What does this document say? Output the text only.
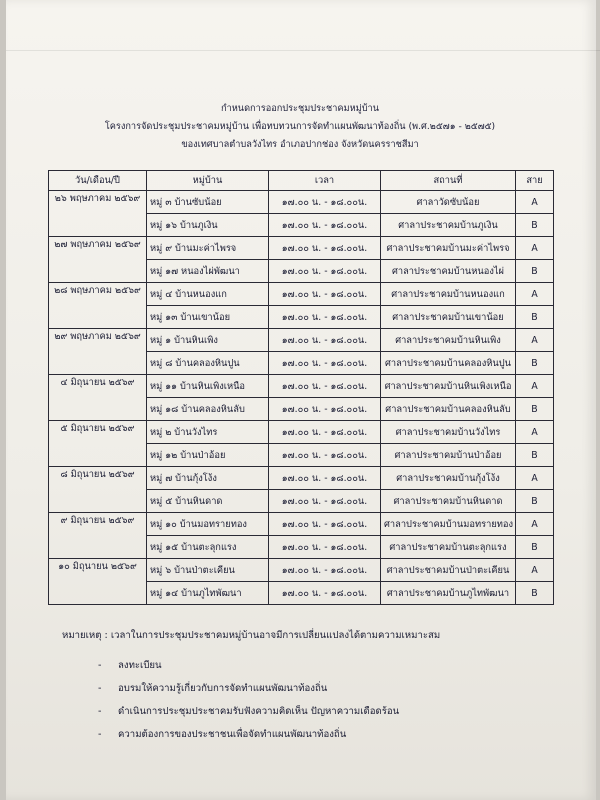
กำหนดการออกประชุมประชาคมหมู่บ้าน
โครงการจัดประชุมประชาคมหมู่บ้าน เพื่อทบทวนการจัดทำแผนพัฒนาท้องถิ่น (พ.ศ.๒๕๗๑ - ๒๕๗๕)
ของเทศบาลตำบลวังไทร อำเภอปากช่อง จังหวัดนครราชสีมา
วัน/เดือน/ปี	หมู่บ้าน	เวลา	สถานที่	สาย
๒๖ พฤษภาคม ๒๕๖๙	หมู่ ๓ บ้านซับน้อย	๑๗.๐๐ น. - ๑๘.๐๐น.	ศาลาวัดซับน้อย	A
	หมู่ ๑๖ บ้านภูเงิน	๑๗.๐๐ น. - ๑๘.๐๐น.	ศาลาประชาคมบ้านภูเงิน	B
๒๗ พฤษภาคม ๒๕๖๙	หมู่ ๙ บ้านมะค่าไพรจ	๑๗.๐๐ น. - ๑๘.๐๐น.	ศาลาประชาคมบ้านมะค่าไพรจ	A
	หมู่ ๑๗ หนองไผ่พัฒนา	๑๗.๐๐ น. - ๑๘.๐๐น.	ศาลาประชาคมบ้านหนองไผ่	B
๒๘ พฤษภาคม ๒๕๖๙	หมู่ ๔ บ้านหนองแก	๑๗.๐๐ น. - ๑๘.๐๐น.	ศาลาประชาคมบ้านหนองแก	A
	หมู่ ๑๓ บ้านเขาน้อย	๑๗.๐๐ น. - ๑๘.๐๐น.	ศาลาประชาคมบ้านเขาน้อย	B
๒๙ พฤษภาคม ๒๕๖๙	หมู่ ๑ บ้านหินเพิง	๑๗.๐๐ น. - ๑๘.๐๐น.	ศาลาประชาคมบ้านหินเพิง	A
	หมู่ ๘ บ้านคลองหินปูน	๑๗.๐๐ น. - ๑๘.๐๐น.	ศาลาประชาคมบ้านคลองหินปูน	B
๔ มิถุนายน ๒๕๖๙	หมู่ ๑๑ บ้านหินเพิงเหนือ	๑๗.๐๐ น. - ๑๘.๐๐น.	ศาลาประชาคมบ้านหินเพิงเหนือ	A
	หมู่ ๑๘ บ้านคลองหินลับ	๑๗.๐๐ น. - ๑๘.๐๐น.	ศาลาประชาคมบ้านคลองหินลับ	B
๕ มิถุนายน ๒๕๖๙	หมู่ ๒ บ้านวังไทร	๑๗.๐๐ น. - ๑๘.๐๐น.	ศาลาประชาคมบ้านวังไทร	A
	หมู่ ๑๒ บ้านป่าอ้อย	๑๗.๐๐ น. - ๑๘.๐๐น.	ศาลาประชาคมบ้านป่าอ้อย	B
๘ มิถุนายน ๒๕๖๙	หมู่ ๗ บ้านกุ้งโง้ง	๑๗.๐๐ น. - ๑๘.๐๐น.	ศาลาประชาคมบ้านกุ้งโง้ง	A
	หมู่ ๕ บ้านหินดาด	๑๗.๐๐ น. - ๑๘.๐๐น.	ศาลาประชาคมบ้านหินดาด	B
๙ มิถุนายน ๒๕๖๙	หมู่ ๑๐ บ้านมอทรายทอง	๑๗.๐๐ น. - ๑๘.๐๐น.	ศาลาประชาคมบ้านมอทรายทอง	A
	หมู่ ๑๕ บ้านตะลุกแรง	๑๗.๐๐ น. - ๑๘.๐๐น.	ศาลาประชาคมบ้านตะลุกแรง	B
๑๐ มิถุนายน ๒๕๖๙	หมู่ ๖ บ้านป่าตะเคียน	๑๗.๐๐ น. - ๑๘.๐๐น.	ศาลาประชาคมบ้านป่าตะเคียน	A
	หมู่ ๑๔ บ้านภูไทพัฒนา	๑๗.๐๐ น. - ๑๘.๐๐น.	ศาลาประชาคมบ้านภูไทพัฒนา	B
หมายเหตุ : เวลาในการประชุมประชาคมหมู่บ้านอาจมีการเปลี่ยนแปลงได้ตามความเหมาะสม
- ลงทะเบียน
- อบรมให้ความรู้เกี่ยวกับการจัดทำแผนพัฒนาท้องถิ่น
- ดำเนินการประชุมประชาคมรับฟังความคิดเห็น ปัญหาความเดือดร้อน
- ความต้องการของประชาชนเพื่อจัดทำแผนพัฒนาท้องถิ่น
